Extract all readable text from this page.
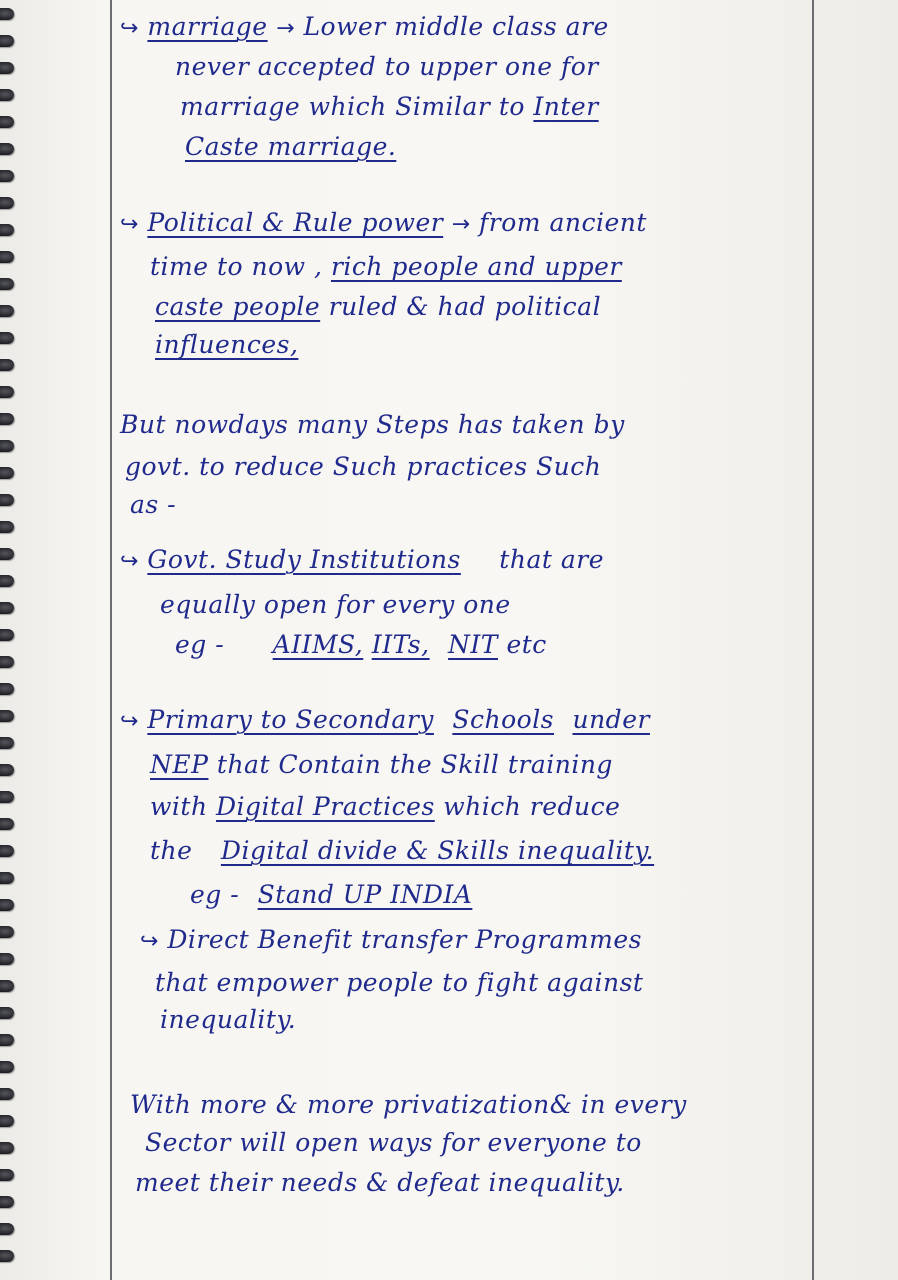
↪ marriage → Lower middle class are
never accepted to upper one for
marriage which Similar to Inter
Caste marriage.
↪ Political & Rule power → from ancient
time to now , rich people and upper
caste people ruled & had political
influences,
But nowdays many Steps has taken by
govt. to reduce Such practices Such
as -
↪ Govt. Study Institutions that are
equally open for every one
eg - AIIMS, IITs, NIT etc
↪ Primary to Secondary Schools under
NEP that Contain the Skill training
with Digital Practices which reduce
the Digital divide & Skills inequality.
eg - Stand UP INDIA
↪ Direct Benefit transfer Programmes
that empower people to fight against
inequality.
With more & more privatization& in every
Sector will open ways for everyone to
meet their needs & defeat inequality.
